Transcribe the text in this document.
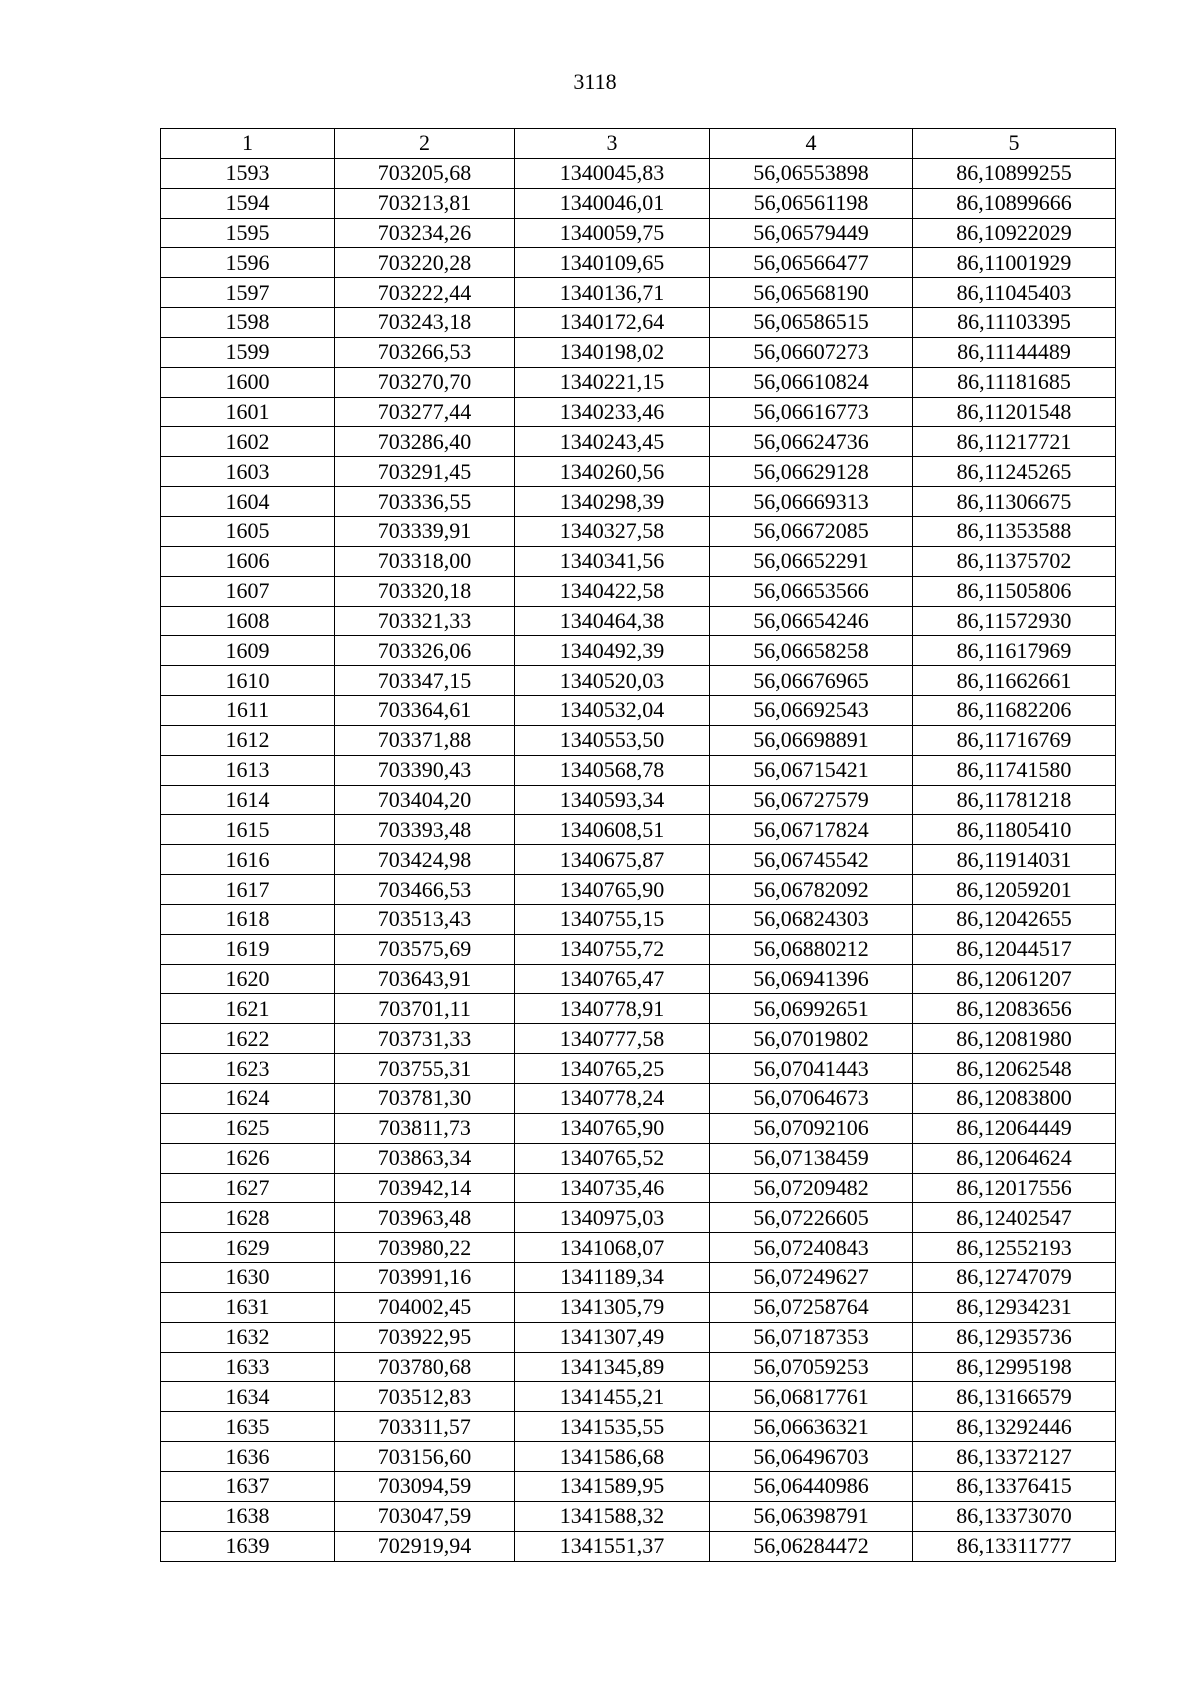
3118
1	2	3	4	5
1593	703205,68	1340045,83	56,06553898	86,10899255
1594	703213,81	1340046,01	56,06561198	86,10899666
1595	703234,26	1340059,75	56,06579449	86,10922029
1596	703220,28	1340109,65	56,06566477	86,11001929
1597	703222,44	1340136,71	56,06568190	86,11045403
1598	703243,18	1340172,64	56,06586515	86,11103395
1599	703266,53	1340198,02	56,06607273	86,11144489
1600	703270,70	1340221,15	56,06610824	86,11181685
1601	703277,44	1340233,46	56,06616773	86,11201548
1602	703286,40	1340243,45	56,06624736	86,11217721
1603	703291,45	1340260,56	56,06629128	86,11245265
1604	703336,55	1340298,39	56,06669313	86,11306675
1605	703339,91	1340327,58	56,06672085	86,11353588
1606	703318,00	1340341,56	56,06652291	86,11375702
1607	703320,18	1340422,58	56,06653566	86,11505806
1608	703321,33	1340464,38	56,06654246	86,11572930
1609	703326,06	1340492,39	56,06658258	86,11617969
1610	703347,15	1340520,03	56,06676965	86,11662661
1611	703364,61	1340532,04	56,06692543	86,11682206
1612	703371,88	1340553,50	56,06698891	86,11716769
1613	703390,43	1340568,78	56,06715421	86,11741580
1614	703404,20	1340593,34	56,06727579	86,11781218
1615	703393,48	1340608,51	56,06717824	86,11805410
1616	703424,98	1340675,87	56,06745542	86,11914031
1617	703466,53	1340765,90	56,06782092	86,12059201
1618	703513,43	1340755,15	56,06824303	86,12042655
1619	703575,69	1340755,72	56,06880212	86,12044517
1620	703643,91	1340765,47	56,06941396	86,12061207
1621	703701,11	1340778,91	56,06992651	86,12083656
1622	703731,33	1340777,58	56,07019802	86,12081980
1623	703755,31	1340765,25	56,07041443	86,12062548
1624	703781,30	1340778,24	56,07064673	86,12083800
1625	703811,73	1340765,90	56,07092106	86,12064449
1626	703863,34	1340765,52	56,07138459	86,12064624
1627	703942,14	1340735,46	56,07209482	86,12017556
1628	703963,48	1340975,03	56,07226605	86,12402547
1629	703980,22	1341068,07	56,07240843	86,12552193
1630	703991,16	1341189,34	56,07249627	86,12747079
1631	704002,45	1341305,79	56,07258764	86,12934231
1632	703922,95	1341307,49	56,07187353	86,12935736
1633	703780,68	1341345,89	56,07059253	86,12995198
1634	703512,83	1341455,21	56,06817761	86,13166579
1635	703311,57	1341535,55	56,06636321	86,13292446
1636	703156,60	1341586,68	56,06496703	86,13372127
1637	703094,59	1341589,95	56,06440986	86,13376415
1638	703047,59	1341588,32	56,06398791	86,13373070
1639	702919,94	1341551,37	56,06284472	86,13311777
